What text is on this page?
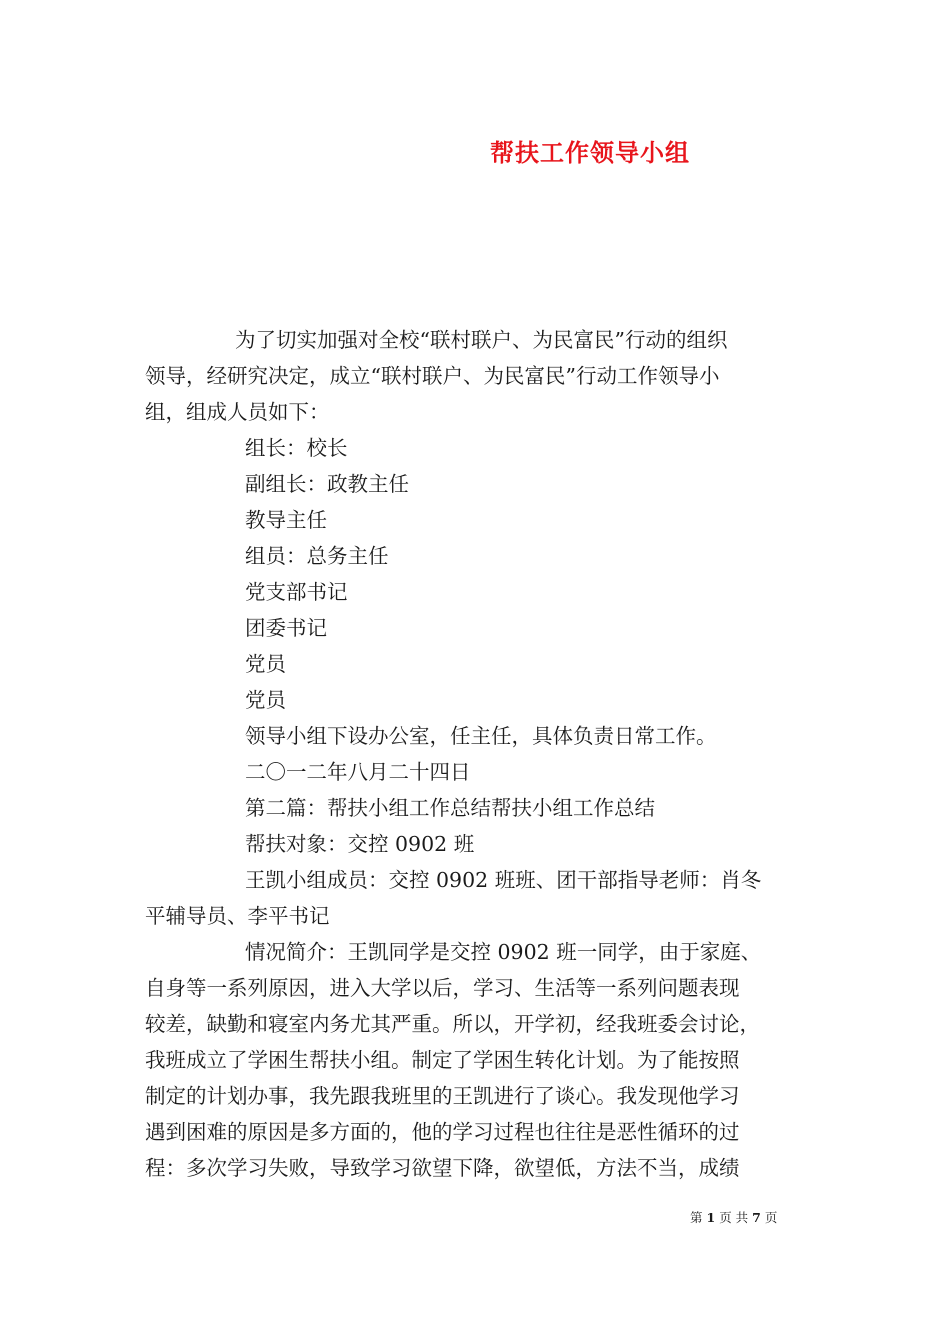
帮扶工作领导小组
为了切实加强对全校“联村联户、为民富民”行动的组织
领导，经研究决定，成立“联村联户、为民富民”行动工作领导小
组，组成人员如下：
组长：校长
副组长：政教主任
教导主任
组员：总务主任
党支部书记
团委书记
党员
党员
领导小组下设办公室，任主任，具体负责日常工作。
二〇一二年八月二十四日
第二篇：帮扶小组工作总结帮扶小组工作总结
帮扶对象：交控 0902 班
王凯小组成员：交控 0902 班班、团干部指导老师：肖冬
平辅导员、李平书记
情况简介：王凯同学是交控 0902 班一同学，由于家庭、
自身等一系列原因，进入大学以后，学习、生活等一系列问题表现
较差，缺勤和寝室内务尤其严重。所以，开学初，经我班委会讨论，
我班成立了学困生帮扶小组。制定了学困生转化计划。为了能按照
制定的计划办事，我先跟我班里的王凯进行了谈心。我发现他学习
遇到困难的原因是多方面的，他的学习过程也往往是恶性循环的过
程：多次学习失败，导致学习欲望下降，欲望低，方法不当，成绩
第 1 页 共 7 页
